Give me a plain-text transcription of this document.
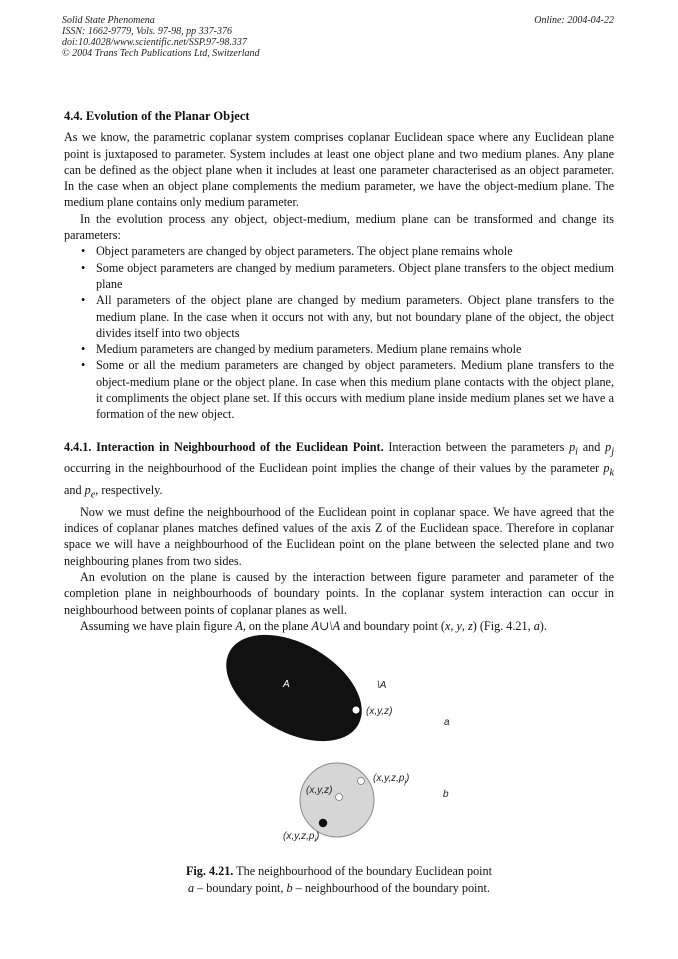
Solid State Phenomena
ISSN: 1662-9779, Vols. 97-98, pp 337-376
doi:10.4028/www.scientific.net/SSP.97-98.337
© 2004 Trans Tech Publications Ltd, Switzerland
Online: 2004-04-22
4.4. Evolution of the Planar Object

As we know, the parametric coplanar system comprises coplanar Euclidean space where any Euclidean plane point is juxtaposed to parameter. System includes at least one object plane and two medium planes. Any plane can be defined as the object plane when it includes at least one parameter characterised as an object parameter. In the case when an object plane complements the medium parameter, we have the object-medium plane. The medium plane contains only medium parameter.

In the evolution process any object, object-medium, medium plane can be transformed and change its parameters:

• Object parameters are changed by object parameters. The object plane remains whole
• Some object parameters are changed by medium parameters. Object plane transfers to the object medium plane
• All parameters of the object plane are changed by medium parameters. Object plane transfers to the medium plane. In the case when it occurs not with any, but not boundary plane of the object, the object divides itself into two objects
• Medium parameters are changed by medium parameters. Medium plane remains whole
• Some or all the medium parameters are changed by object parameters. Medium plane transfers to the object-medium plane or the object plane. In case when this medium plane contacts with the object plane, it compliments the object plane set. If this occurs with medium plane inside medium planes set we have a formation of the new object.

4.4.1. Interaction in Neighbourhood of the Euclidean Point. Interaction between the parameters $p_i$ and $p_j$ occurring in the neighbourhood of the Euclidean point implies the change of their values by the parameter $p_k$ and $p_e$, respectively.

Now we must define the neighbourhood of the Euclidean point in coplanar space. We have agreed that the indices of coplanar planes matches defined values of the axis Z of the Euclidean space. Therefore in coplanar space we will have a neighbourhood of the Euclidean point on the plane between the selected plane and two neighbouring planes from two sides.

An evolution on the plane is caused by the interaction between figure parameter and parameter of the completion plane in neighbourhoods of boundary points. In the coplanar system interaction can occur in neighbourhood between points of coplanar planes as well.

Assuming we have plain figure A, on the plane A∪\A and boundary point (x, y, z) (Fig. 4.21, a).

A	\A
(x,y,z)
a
(x,y,z)
$(x,y,z,p_j)$
$(x,y,z,p_i)$
b
Fig. 4.21. The neighbourhood of the boundary Euclidean point
a – boundary point, b – neighbourhood of the boundary point.
